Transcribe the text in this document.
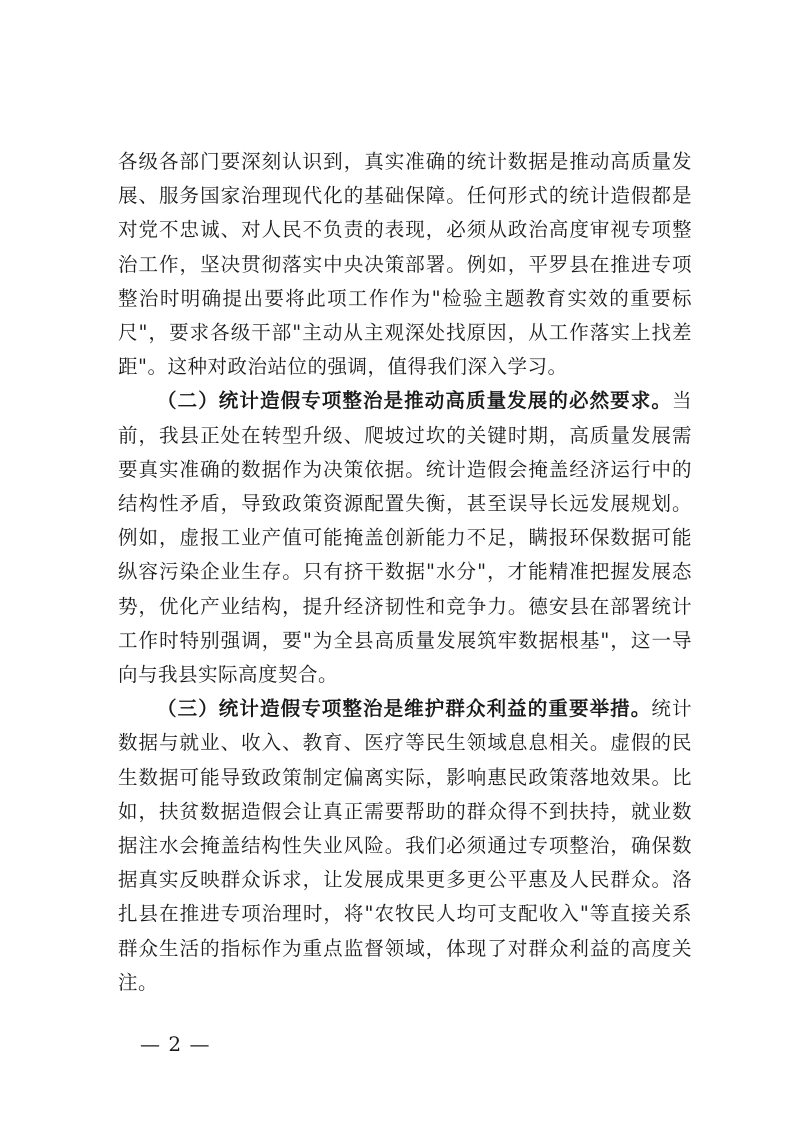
各级各部门要深刻认识到，真实准确的统计数据是推动高质量发展、服务国家治理现代化的基础保障。任何形式的统计造假都是对党不忠诚、对人民不负责的表现，必须从政治高度审视专项整治工作，坚决贯彻落实中央决策部署。例如，平罗县在推进专项整治时明确提出要将此项工作作为"检验主题教育实效的重要标尺"，要求各级干部"主动从主观深处找原因，从工作落实上找差距"。这种对政治站位的强调，值得我们深入学习。

（二）统计造假专项整治是推动高质量发展的必然要求。当前，我县正处在转型升级、爬坡过坎的关键时期，高质量发展需要真实准确的数据作为决策依据。统计造假会掩盖经济运行中的结构性矛盾，导致政策资源配置失衡，甚至误导长远发展规划。例如，虚报工业产值可能掩盖创新能力不足，瞒报环保数据可能纵容污染企业生存。只有挤干数据"水分"，才能精准把握发展态势，优化产业结构，提升经济韧性和竞争力。德安县在部署统计工作时特别强调，要"为全县高质量发展筑牢数据根基"，这一导向与我县实际高度契合。

（三）统计造假专项整治是维护群众利益的重要举措。统计数据与就业、收入、教育、医疗等民生领域息息相关。虚假的民生数据可能导致政策制定偏离实际，影响惠民政策落地效果。比如，扶贫数据造假会让真正需要帮助的群众得不到扶持，就业数据注水会掩盖结构性失业风险。我们必须通过专项整治，确保数据真实反映群众诉求，让发展成果更多更公平惠及人民群众。洛扎县在推进专项治理时，将"农牧民人均可支配收入"等直接关系群众生活的指标作为重点监督领域，体现了对群众利益的高度关注。

— 2 —
